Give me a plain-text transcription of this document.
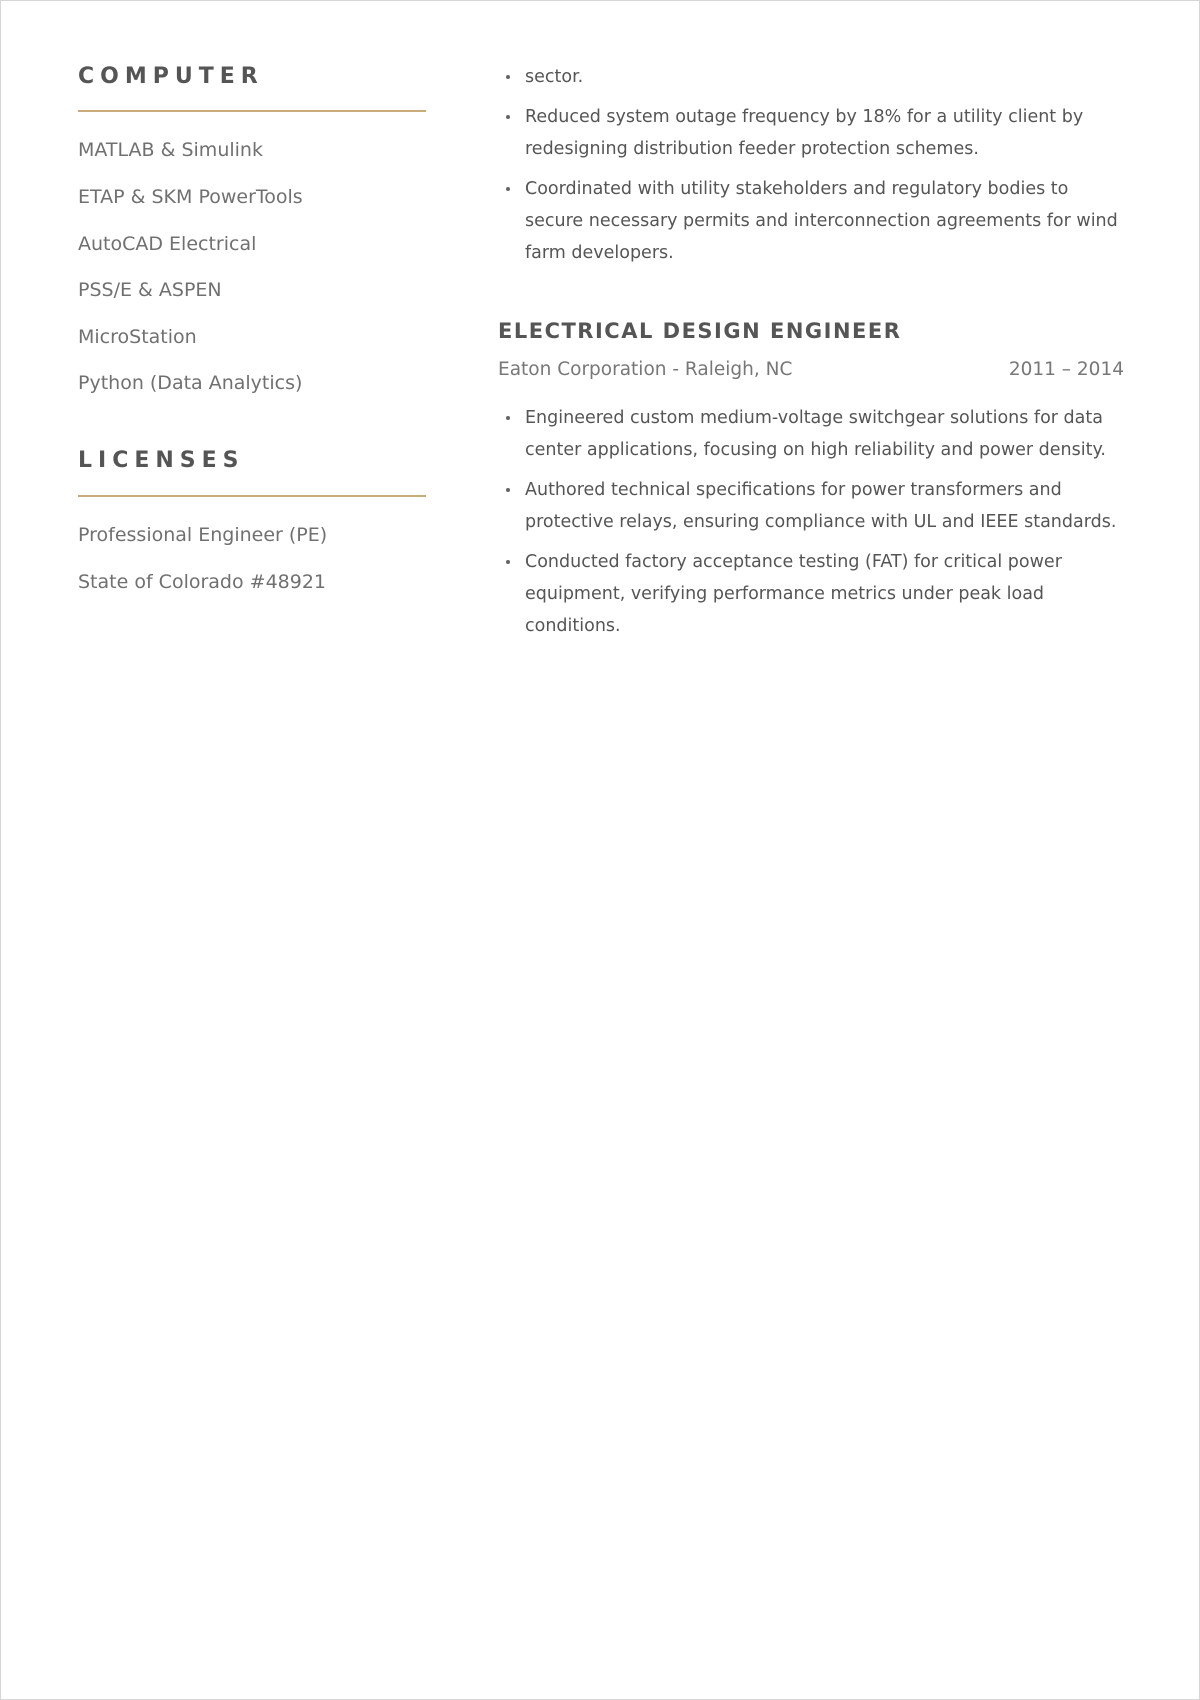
COMPUTER

MATLAB & Simulink

ETAP & SKM PowerTools

AutoCAD Electrical

PSS/E & ASPEN

MicroStation

Python (Data Analytics)

LICENSES

Professional Engineer (PE)

State of Colorado #48921

sector.
Reduced system outage frequency by 18% for a utility client by redesigning distribution feeder protection schemes.
Coordinated with utility stakeholders and regulatory bodies to secure necessary permits and interconnection agreements for wind farm developers.
ELECTRICAL DESIGN ENGINEER
Eaton Corporation - Raleigh, NC	2011 – 2014
Engineered custom medium-voltage switchgear solutions for data center applications, focusing on high reliability and power density.
Authored technical specifications for power transformers and protective relays, ensuring compliance with UL and IEEE standards.
Conducted factory acceptance testing (FAT) for critical power equipment, verifying performance metrics under peak load conditions.
